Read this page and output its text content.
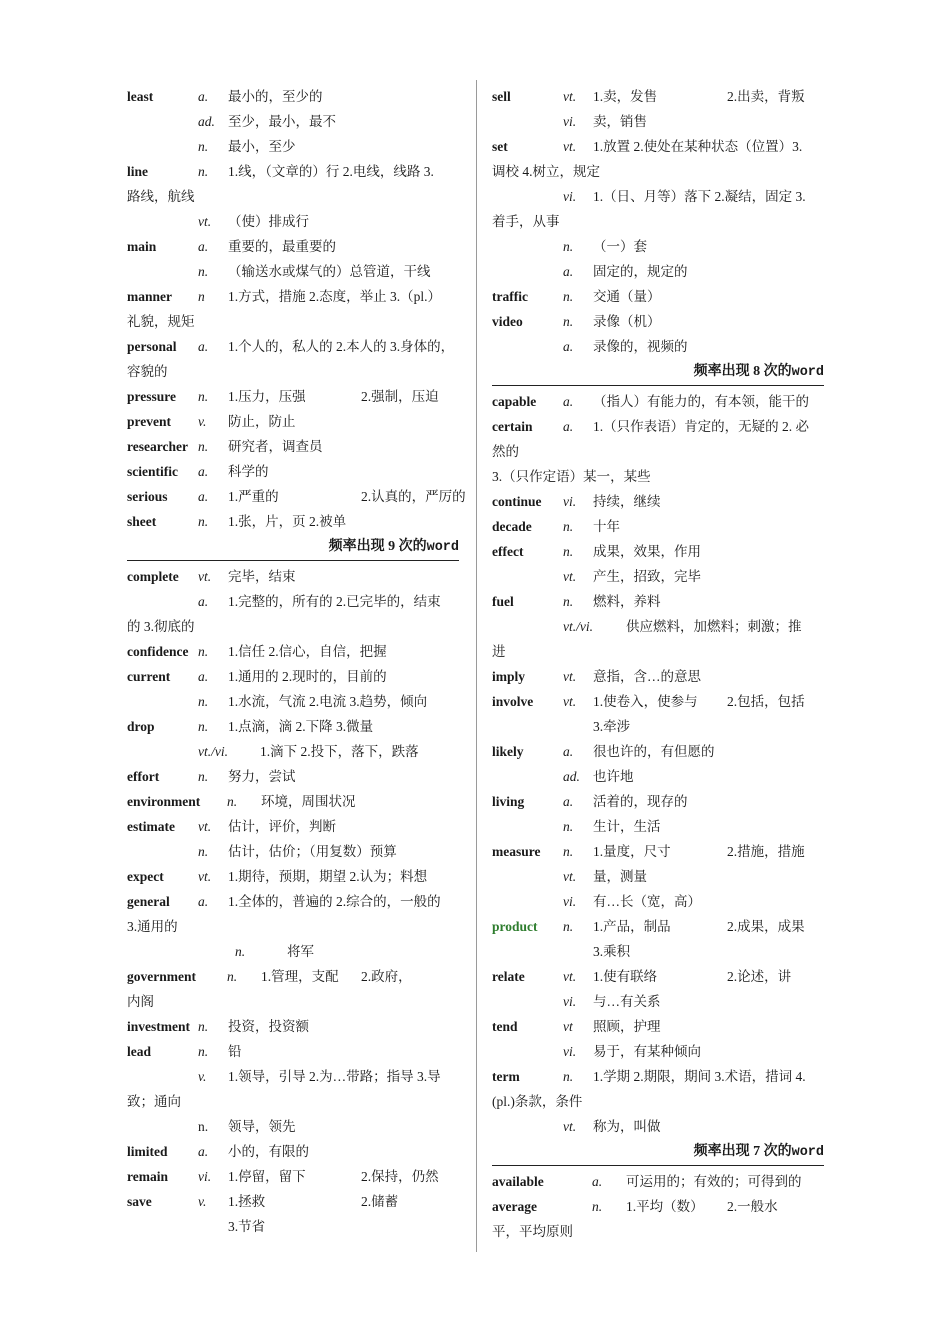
least	a. 最小的，至少的
ad. 至少，最小，最不
n. 最小，至少
line	n. 1.线，（文章的）行 2.电线，线路 3.
路线，航线
vt. （使）排成行
main	a. 重要的，最重要的
n. （输送水或煤气的）总管道，干线
manner n 1.方式，措施 2.态度，举止 3.（pl.）
礼貌，规矩
personal a. 1.个人的，私人的 2.本人的 3.身体的，
容貌的
pressure n. 1.压力，压强	2.强制，压迫
prevent v. 防止，防止
researcher n. 研究者，调查员
scientific a. 科学的
serious a. 1.严重的	2.认真的，严厉的
sheet	n. 1.张，片，页 2.被单
频率出现 9 次的word
complete vt. 完毕，结束
a. 1.完整的，所有的 2.已完毕的，结束
的 3.彻底的
confidence n. 1.信任 2.信心，自信，把握
current a. 1.通用的 2.现时的，目前的
n. 1.水流，气流 2.电流 3.趋势，倾向
drop	n. 1.点滴，滴 2.下降 3.微量
vt./vi. 1.滴下 2.投下，落下，跌落
effort	n. 努力，尝试
environment n. 环境，周围状况
estimate vt. 估计，评价，判断
n. 估计，估价；（用复数）预算
expect	vt. 1.期待，预期，期望 2.认为；料想
general a. 1.全体的，普遍的 2.综合的，一般的
3.通用的
n.	将军
government n. 1.管理，支配 2.政府，
内阁
investment n. 投资，投资额
lead	n. 铅
v. 1.领导，引导 2.为…带路；指导 3.导
致；通向
n. 领导，领先
limited a. 小的，有限的
remain vi. 1.停留，留下	2.保持，仍然
save	v. 1.拯救	2.储蓄
3.节省
sell	vt. 1.卖，发售	2.出卖，背叛
vi. 卖，销售
set	vt. 1.放置 2.使处在某种状态（位置）3.
调校 4.树立，规定
vi. 1.（日、月等）落下 2.凝结，固定 3.
着手，从事
n. （一）套
a. 固定的，规定的
traffic	n. 交通（量）
video	n. 录像（机）
a. 录像的，视频的
频率出现 8 次的word
capable a. （指人）有能力的，有本领，能干的
certain a. 1.（只作表语）肯定的，无疑的 2. 必
然的
3.（只作定语）某一，某些
continue vi. 持续，继续
decade n. 十年
effect	n. 成果，效果，作用
vt. 产生，招致，完毕
fuel	n. 燃料，养料
vt./vi. 供应燃料，加燃料；刺激；推
进
imply	vt. 意指，含…的意思
involve vt. 1.使卷入，使参与 2.包括，包括
3.牵涉
likely	a. 很也许的，有但愿的
ad. 也许地
living	a. 活着的，现存的
n. 生计，生活
measure n. 1.量度，尺寸	2.措施，措施
vt. 量，测量
vi. 有…长（宽，高）
product n. 1.产品，制品	2.成果，成果
3.乘积
relate	vt. 1.使有联络	2.论述，讲
vi. 与…有关系
tend	vt 照顾，护理
vi. 易于，有某种倾向
term	n. 1.学期 2.期限，期间 3.术语，措词 4.
(pl.)条款，条件
vt. 称为，叫做
频率出现 7 次的word
available	a. 可运用的；有效的；可得到的
average	n. 1.平均（数） 2.一般水
平，平均原则
